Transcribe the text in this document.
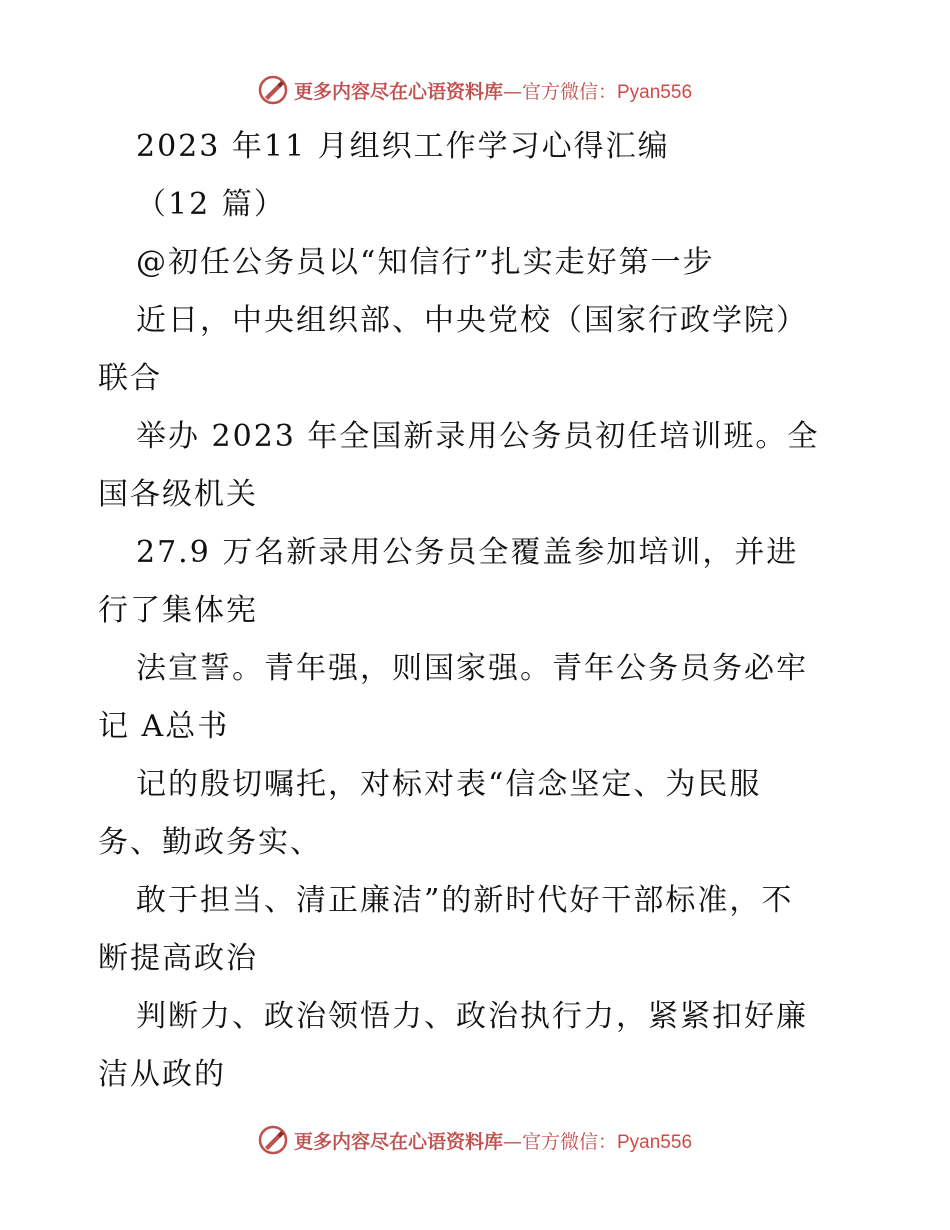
更多内容尽在心语资料库—官方微信：Pyan556
2023 年11 月组织工作学习心得汇编
（12 篇）
@初任公务员以“知信行”扎实走好第一步
近日，中央组织部、中央党校（国家行政学院）
联合
举办 2023 年全国新录用公务员初任培训班。全
国各级机关
27.9 万名新录用公务员全覆盖参加培训，并进
行了集体宪
法宣誓。青年强，则国家强。青年公务员务必牢
记 A总书
记的殷切嘱托，对标对表“信念坚定、为民服
务、勤政务实、
敢于担当、清正廉洁”的新时代好干部标准，不
断提高政治
判断力、政治领悟力、政治执行力，紧紧扣好廉
洁从政的
更多内容尽在心语资料库—官方微信：Pyan556
